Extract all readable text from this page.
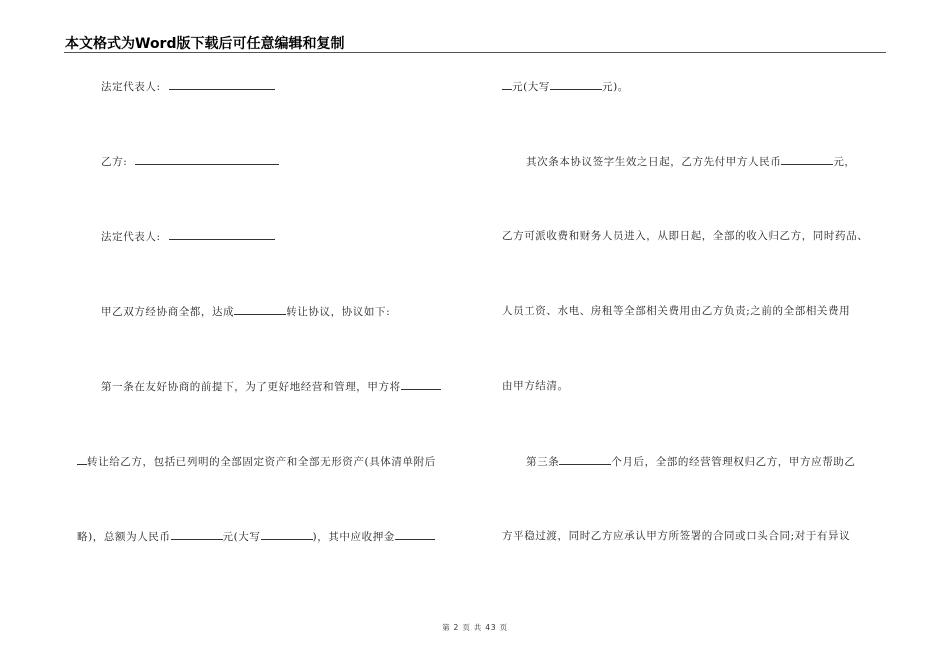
本文格式为Word版下载后可任意编辑和复制
法定代表人:
乙方:
法定代表人:
甲乙双方经协商全都，达成	转让协议，协议如下:
第一条在友好协商的前提下，为了更好地经营和管理，甲方将
转让给乙方，包括已列明的全部固定资产和全部无形资产(具体清单附后
略)，总额为人民币	元(大写	)，其中应收押金
元(大写	元)。
其次条本协议签字生效之日起，乙方先付甲方人民币	元，
乙方可派收费和财务人员进入，从即日起，全部的收入归乙方，同时药品、
人员工资、水电、房租等全部相关费用由乙方负责;之前的全部相关费用
由甲方结清。
第三条	个月后，全部的经营管理权归乙方，甲方应帮助乙
方平稳过渡，同时乙方应承认甲方所签署的合同或口头合同;对于有异议
第 2 页 共 43 页
